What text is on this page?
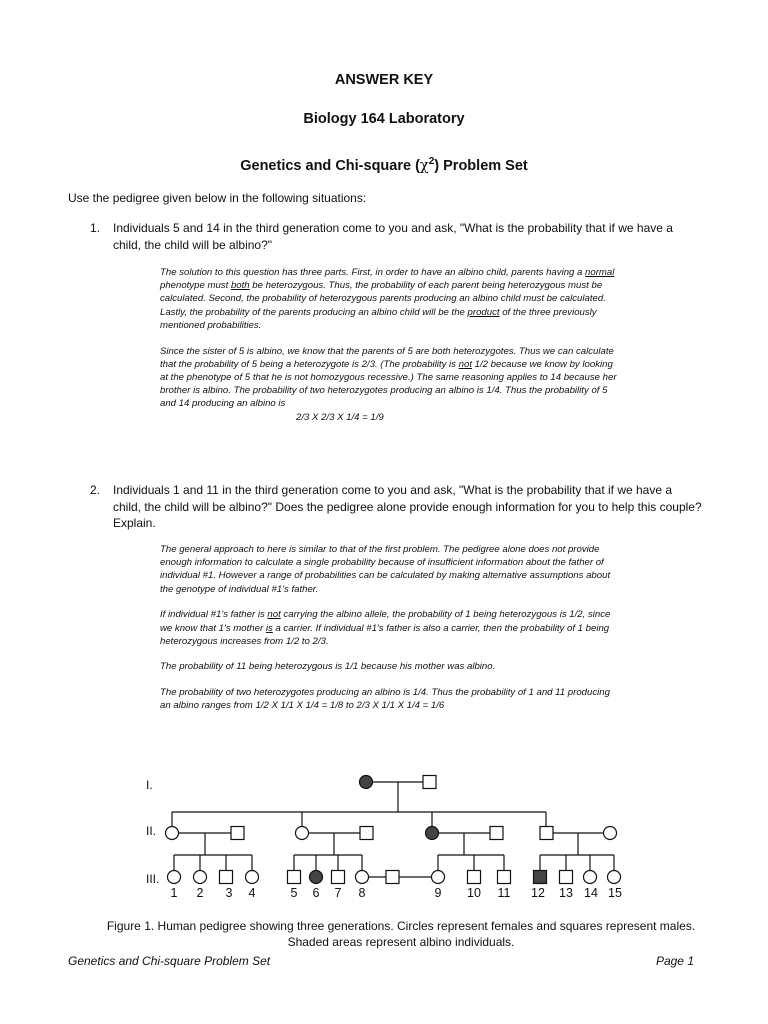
ANSWER KEY
Biology 164 Laboratory
Genetics and Chi-square $(\chi^2)$ Problem Set
Use the pedigree given below in the following situations:
1.	Individuals 5 and 14 in the third generation come to you and ask, "What is the probability that if we have a child, the child will be albino?"

The solution to this question has three parts. First, in order to have an albino child, parents having a normal phenotype must both be heterozygous. Thus, the probability of each parent being heterozygous must be calculated. Second, the probability of heterozygous parents producing an albino child must be calculated. Lastly, the probability of the parents producing an albino child will be the product of the three previously mentioned probabilities.

Since the sister of 5 is albino, we know that the parents of 5 are both heterozygotes. Thus we can calculate that the probability of 5 being a heterozygote is 2/3. (The probability is not 1/2 because we know by looking at the phenotype of 5 that he is not homozygous recessive.) The same reasoning applies to 14 because her brother is albino. The probability of two heterozygotes producing an albino is 1/4. Thus the probability of 5 and 14 producing an albino is
2/3 X 2/3 X 1/4 = 1/9

2.	Individuals 1 and 11 in the third generation come to you and ask, "What is the probability that if we have a child, the child will be albino?" Does the pedigree alone provide enough information for you to help this couple? Explain.

The general approach to here is similar to that of the first problem. The pedigree alone does not provide enough information to calculate a single probability because of insufficient information about the father of individual #1. However a range of probabilities can be calculated by making alternative assumptions about the genotype of individual #1's father.

If individual #1's father is not carrying the albino allele, the probability of 1 being heterozygous is 1/2, since we know that 1's mother is a carrier. If individual #1's father is also a carrier, then the probability of 1 being heterozygous increases from 1/2 to 2/3.

The probability of 11 being heterozygous is 1/1 because his mother was albino.

The probability of two heterozygotes producing an albino is 1/4. Thus the probability of 1 and 11 producing an albino ranges from 1/2 X 1/1 X 1/4 = 1/8 to 2/3 X 1/1 X 1/4 = 1/6

I.
II.
III.
1 2 3 4	5 6 7 8	9 10 11 12 13 14 15
Figure 1. Human pedigree showing three generations. Circles represent females and squares represent males. Shaded areas represent albino individuals.
Genetics and Chi-square Problem Set	Page 1
